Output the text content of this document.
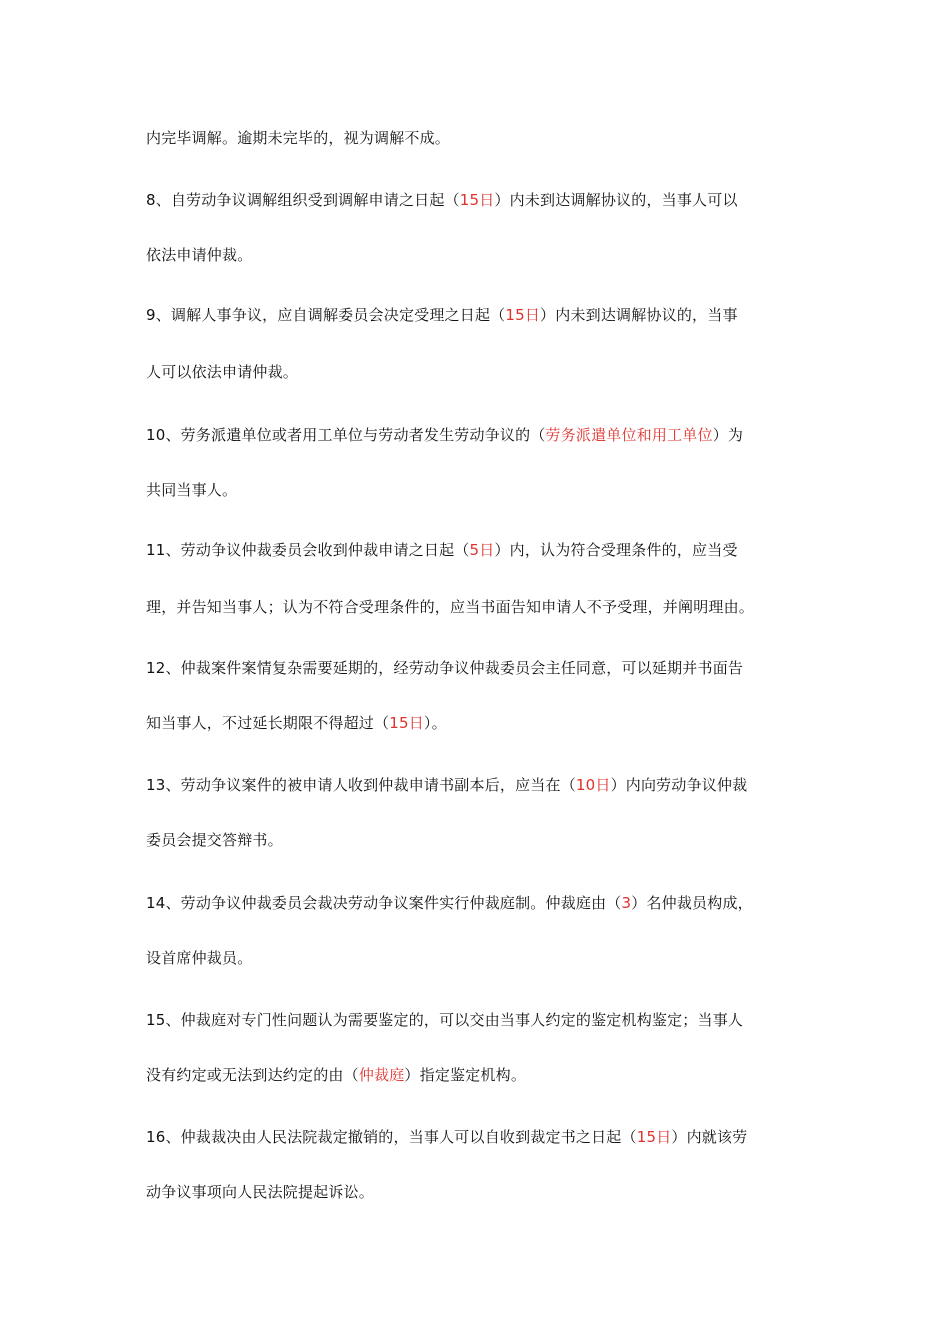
内完毕调解。逾期未完毕的，视为调解不成。
8、自劳动争议调解组织受到调解申请之日起（15日）内未到达调解协议的，当事人可以
依法申请仲裁。
9、调解人事争议，应自调解委员会决定受理之日起（15日）内未到达调解协议的，当事
人可以依法申请仲裁。
10、劳务派遣单位或者用工单位与劳动者发生劳动争议的（劳务派遣单位和用工单位）为
共同当事人。
11、劳动争议仲裁委员会收到仲裁申请之日起（5日）内，认为符合受理条件的，应当受
理，并告知当事人；认为不符合受理条件的，应当书面告知申请人不予受理，并阐明理由。
12、仲裁案件案情复杂需要延期的，经劳动争议仲裁委员会主任同意，可以延期并书面告
知当事人，不过延长期限不得超过（15日）。
13、劳动争议案件的被申请人收到仲裁申请书副本后，应当在（10日）内向劳动争议仲裁
委员会提交答辩书。
14、劳动争议仲裁委员会裁决劳动争议案件实行仲裁庭制。仲裁庭由（3）名仲裁员构成，
设首席仲裁员。
15、仲裁庭对专门性问题认为需要鉴定的，可以交由当事人约定的鉴定机构鉴定；当事人
没有约定或无法到达约定的由（仲裁庭）指定鉴定机构。
16、仲裁裁决由人民法院裁定撤销的，当事人可以自收到裁定书之日起（15日）内就该劳
动争议事项向人民法院提起诉讼。
